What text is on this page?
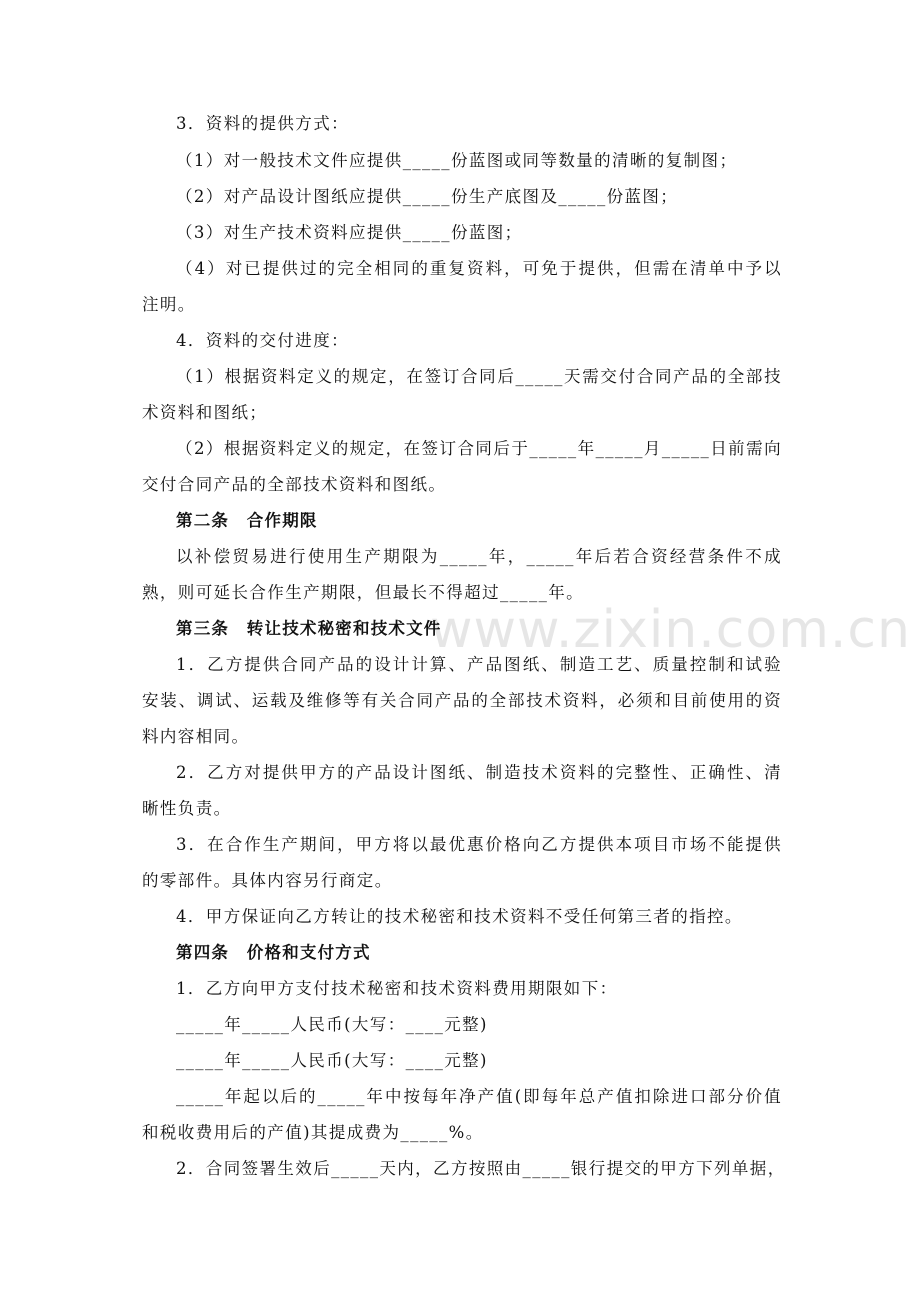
www.zixin.com.cn
3．资料的提供方式：
（1）对一般技术文件应提供_____份蓝图或同等数量的清晰的复制图；
（2）对产品设计图纸应提供_____份生产底图及_____份蓝图；
（3）对生产技术资料应提供_____份蓝图；
（4）对已提供过的完全相同的重复资料，可免于提供，但需在清单中予以
注明。
4．资料的交付进度：
（1）根据资料定义的规定，在签订合同后_____天需交付合同产品的全部技
术资料和图纸；
（2）根据资料定义的规定，在签订合同后于_____年_____月_____日前需向
交付合同产品的全部技术资料和图纸。
第二条　合作期限
以补偿贸易进行使用生产期限为_____年，_____年后若合资经营条件不成
熟，则可延长合作生产期限，但最长不得超过_____年。
第三条　转让技术秘密和技术文件
1．乙方提供合同产品的设计计算、产品图纸、制造工艺、质量控制和试验
安装、调试、运载及维修等有关合同产品的全部技术资料，必须和目前使用的资
料内容相同。
2．乙方对提供甲方的产品设计图纸、制造技术资料的完整性、正确性、清
晰性负责。
3．在合作生产期间，甲方将以最优惠价格向乙方提供本项目市场不能提供
的零部件。具体内容另行商定。
4．甲方保证向乙方转让的技术秘密和技术资料不受任何第三者的指控。
第四条　价格和支付方式
1．乙方向甲方支付技术秘密和技术资料费用期限如下：
_____年_____人民币(大写：____元整)
_____年_____人民币(大写：____元整)
_____年起以后的_____年中按每年净产值(即每年总产值扣除进口部分价值
和税收费用后的产值)其提成费为_____%。
2．合同签署生效后_____天内，乙方按照由_____银行提交的甲方下列单据，
